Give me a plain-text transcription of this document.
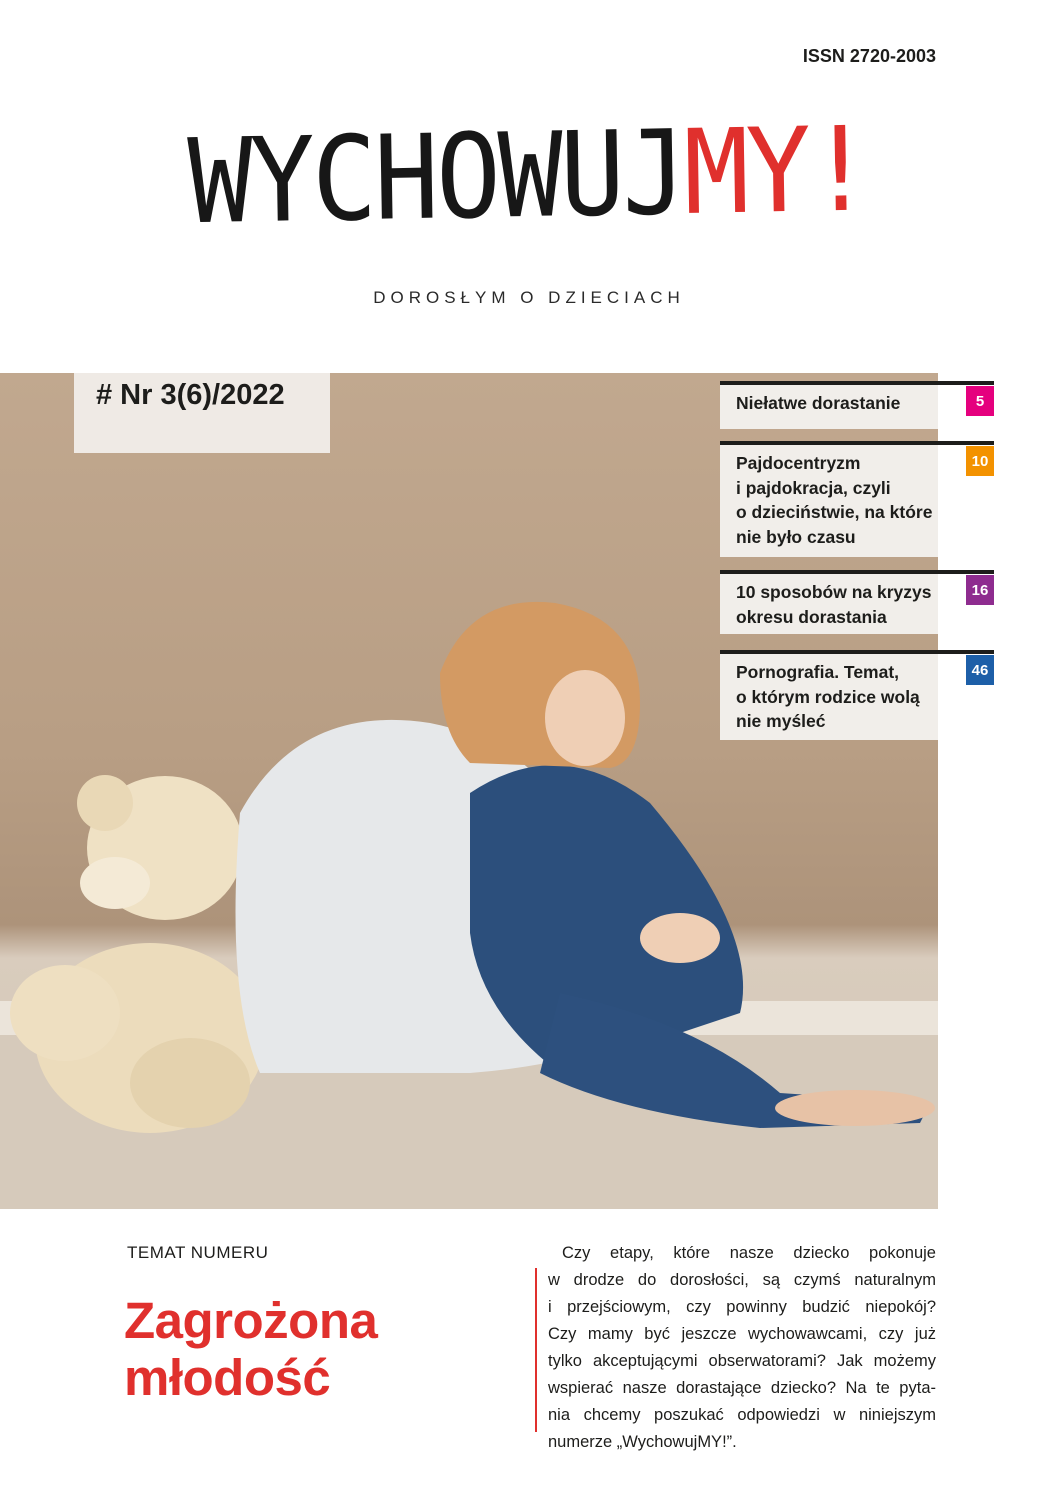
ISSN 2720-2003
WYCHOWUJMY!
DOROSŁYM O DZIECIACH
# Nr 3(6)/2022	Niełatwe dorastanie	5
Pajdocentryzm
i pajdokracja, czyli
o dzieciństwie, na które
nie było czasu
10
10 sposobów na kryzys
okresu dorastania
16
Pornografia. Temat,
o którym rodzice wolą
nie myśleć
46
TEMAT NUMERU
Zagrożona
młodość
Czy etapy, które nasze dziecko pokonuje
w drodze do dorosłości, są czymś naturalnym
i przejściowym, czy powinny budzić niepokój?
Czy mamy być jeszcze wychowawcami, czy już
tylko akceptującymi obserwatorami? Jak możemy
wspierać nasze dorastające dziecko? Na te pyta-
nia chcemy poszukać odpowiedzi w niniejszym
numerze „WychowujMY!”.
